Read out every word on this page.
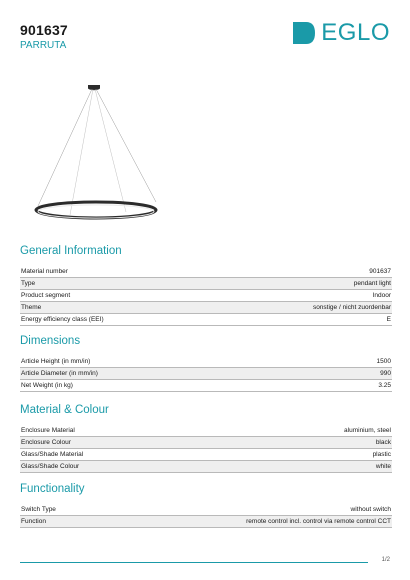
901637
PARRUTA	EGLO
General Information
Material number	901637
Type	pendant light
Product segment	Indoor
Theme	sonstige / nicht zuordenbar
Energy efficiency class (EEI)	E
Dimensions
Article Height (in mm/in)	1500
Article Diameter (in mm/in)	990
Net Weight (in kg)	3.25
Material & Colour
Enclosure Material	aluminium, steel
Enclosure Colour	black
Glass/Shade Material	plastic
Glass/Shade Colour	white
Functionality
Switch Type	without switch
Function	remote control incl. control via remote control CCT
1/2
